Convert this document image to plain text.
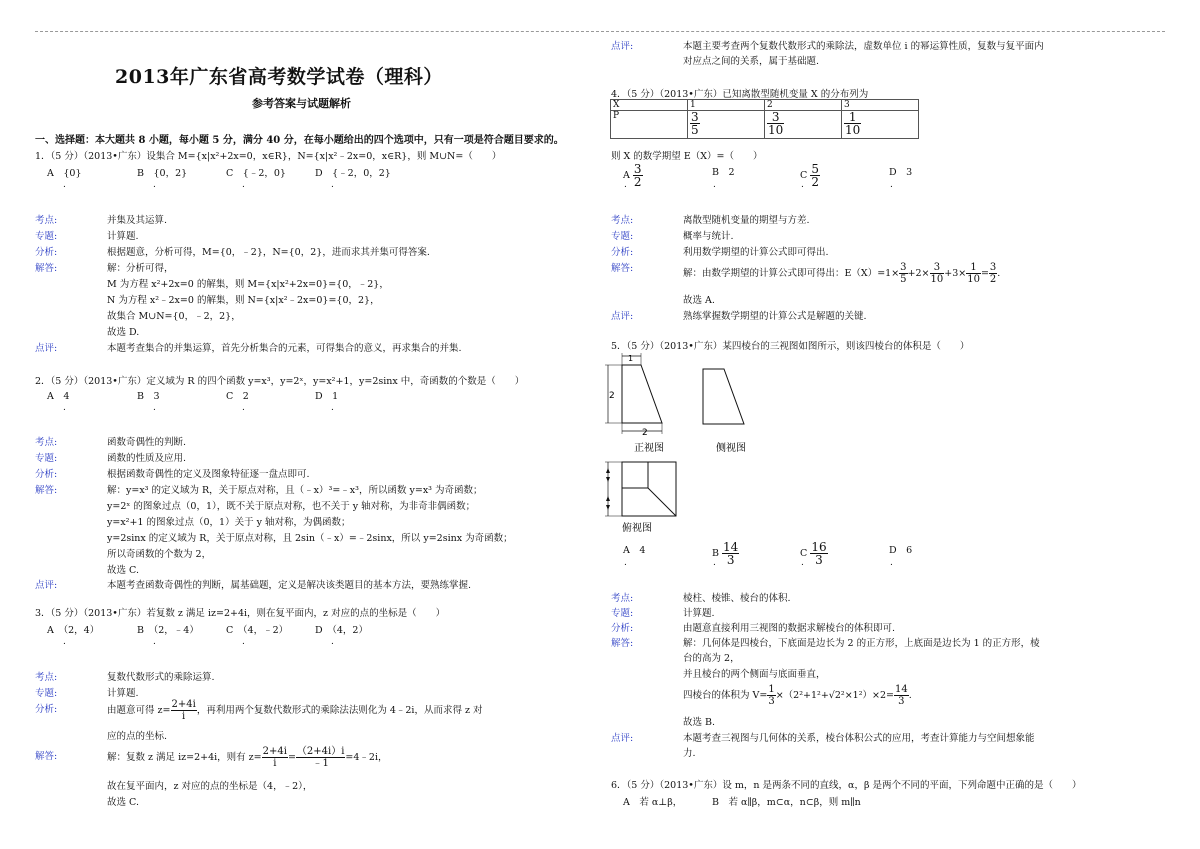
2013年广东省高考数学试卷（理科）
参考答案与试题解析
一、选择题：本大题共 8 小题，每小题 5 分，满分 40 分，在每小题给出的四个选项中，只有一项是符合题目要求的。
1．（5 分）（2013•广东）设集合 M={x|x²+2x=0，x∈R}，N={x|x²﹣2x=0，x∈R}，则 M∪N=（　　）
A　{0}	B　{0，2}	C　{﹣2，0}	D　{﹣2，0，2}
.	.	.	.
考点:	并集及其运算.
专题:	计算题.
分析:	根据题意，分析可得，M={0，﹣2}，N={0，2}，进而求其并集可得答案.
解答:	解：分析可得，
M 为方程 x²+2x=0 的解集，则 M={x|x²+2x=0}={0，﹣2}，
N 为方程 x²﹣2x=0 的解集，则 N={x|x²﹣2x=0}={0，2}，
故集合 M∪N={0，﹣2，2}，
故选 D.
点评:	本题考查集合的并集运算，首先分析集合的元素，可得集合的意义，再求集合的并集.
2．（5 分）（2013•广东）定义域为 R 的四个函数 y=x³，y=2ˣ，y=x²+1，y=2sinx 中，奇函数的个数是（　　）
A　4	B　3	C　2	D　1
.	.	.	.
考点:	函数奇偶性的判断.
专题:	函数的性质及应用.
分析:	根据函数奇偶性的定义及图象特征逐一盘点即可.
解答:	解：y=x³ 的定义域为 R，关于原点对称，且（﹣x）³=﹣x³，所以函数 y=x³ 为奇函数；
y=2ˣ 的图象过点（0，1），既不关于原点对称，也不关于 y 轴对称，为非奇非偶函数；
y=x²+1 的图象过点（0，1）关于 y 轴对称，为偶函数；
y=2sinx 的定义域为 R，关于原点对称，且 2sin（﹣x）=﹣2sinx，所以 y=2sinx 为奇函数；
所以奇函数的个数为 2，
故选 C.
点评:	本题考查函数奇偶性的判断，属基础题，定义是解决该类题目的基本方法，要熟练掌握.
3．（5 分）（2013•广东）若复数 z 满足 iz=2+4i，则在复平面内，z 对应的点的坐标是（　　）
A　（2，4）	B　（2，﹣4）	C　（4，﹣2）	D　（4，2）
.	.	.	.
考点:	复数代数形式的乘除运算.
专题:	计算题.
分析:	由题意可得 $z= \frac{2+4i}{i}$ ，再利用两个复数代数形式的乘除法法则化为 4﹣2i，从而求得 z 对
应的点的坐标.
解答:	解：复数 z 满足 iz=2+4i，则有 $z= \frac{2+4i}{i} = \frac{(2+4i)i}{﹣1}$ =4﹣2i，
故在复平面内，z 对应的点的坐标是（4，﹣2），
故选 C.
点评:	本题主要考查两个复数代数形式的乘除法，虚数单位 i 的幂运算性质，复数与复平面内
对应点之间的关系，属于基础题.
4．（5 分）（2013•广东）已知离散型随机变量 X 的分布列为
X	1	2	3
P	$\frac{3}{5}$	$\frac{3}{10}$	$\frac{1}{10}$
则 X 的数学期望 E（X）=（　　）
A $\frac{3}{2}$	B　2	C $\frac{5}{2}$	D　3
.	.	.	.
考点:	离散型随机变量的期望与方差.
专题:	概率与统计.
分析:	利用数学期望的计算公式即可得出.
解答:	解：由数学期望的计算公式即可得出：$E(X)=1\times \frac{3}{5} +2\times \frac{3}{10} +3\times \frac{1}{10} = \frac{3}{2}$ .
故选 A.
点评:	熟练掌握数学期望的计算公式是解题的关键.
5．（5 分）（2013•广东）某四棱台的三视图如图所示，则该四棱台的体积是（　　）
2
1
2
正视图	侧视图
俯视图
A　4	B $\frac{14}{3}$	C $\frac{16}{3}$	D　6
.	.	.	.
考点:	棱柱、棱锥、棱台的体积.
专题:	计算题.
分析:	由题意直接利用三视图的数据求解棱台的体积即可.
解答:	解：几何体是四棱台，下底面是边长为 2 的正方形，上底面是边长为 1 的正方形，棱
台的高为 2，
并且棱台的两个侧面与底面垂直，
四棱台的体积为 $V= \frac{1}{3} \times(2^2+1^2+√2^2\times 1^2)\times 2= \frac{14}{3}$ .
故选 B.
点评:	本题考查三视图与几何体的关系，棱台体积公式的应用，考查计算能力与空间想象能
力.
6．（5 分）（2013•广东）设 m，n 是两条不同的直线，α，β 是两个不同的平面，下列命题中正确的是（　　）
A　若 α⊥β，	B　若 α∥β，m⊂α，n⊂β，则 m∥n
